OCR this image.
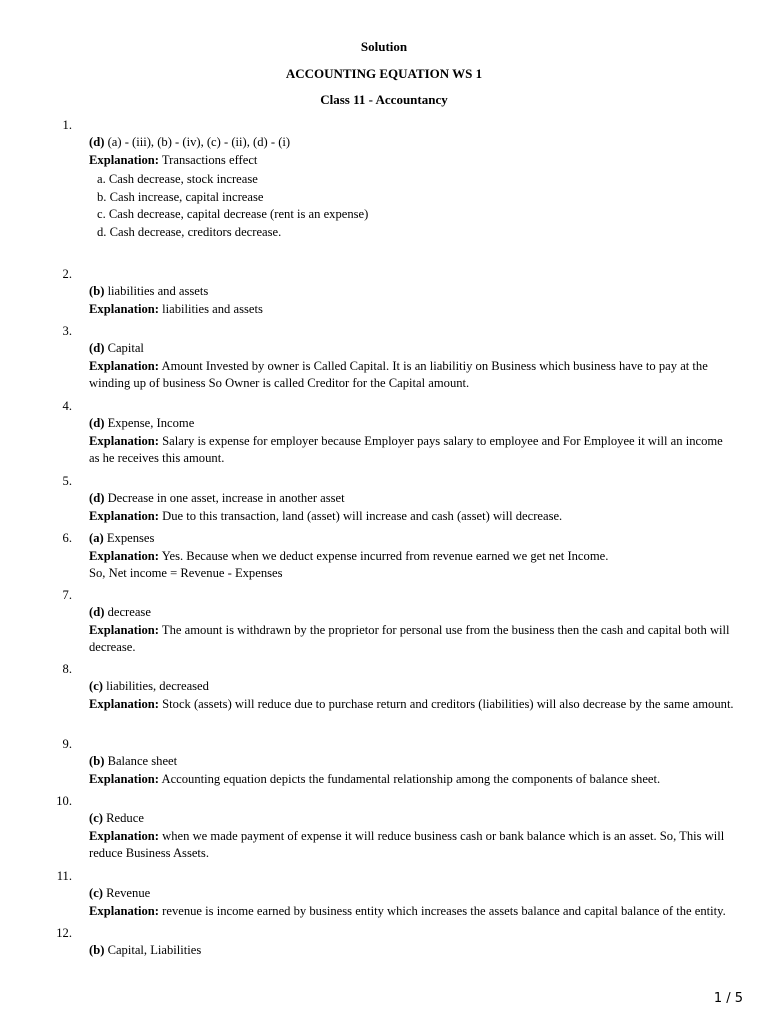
Solution
ACCOUNTING EQUATION WS 1
Class 11 - Accountancy
1.
(d) (a) - (iii), (b) - (iv), (c) - (ii), (d) - (i)
Explanation: Transactions effect
a. Cash decrease, stock increase
b. Cash increase, capital increase
c. Cash decrease, capital decrease (rent is an expense)
d. Cash decrease, creditors decrease.
2.
(b) liabilities and assets
Explanation: liabilities and assets
3.
(d) Capital
Explanation: Amount Invested by owner is Called Capital. It is an liabilitiy on Business which business have to pay at the winding up of business So Owner is called Creditor for the Capital amount.
4.
(d) Expense, Income
Explanation: Salary is expense for employer because Employer pays salary to employee and For Employee it will an income as he receives this amount.
5.
(d) Decrease in one asset, increase in another asset
Explanation: Due to this transaction, land (asset) will increase and cash (asset) will decrease.
6. (a) Expenses
Explanation: Yes. Because when we deduct expense incurred from revenue earned we get net Income.
So, Net income = Revenue - Expenses
7.
(d) decrease
Explanation: The amount is withdrawn by the proprietor for personal use from the business then the cash and capital both will decrease.
8.
(c) liabilities, decreased
Explanation: Stock (assets) will reduce due to purchase return and creditors (liabilities) will also decrease by the same amount.
9.
(b) Balance sheet
Explanation: Accounting equation depicts the fundamental relationship among the components of balance sheet.
10.
(c) Reduce
Explanation: when we made payment of expense it will reduce business cash or bank balance which is an asset. So, This will reduce Business Assets.
11.
(c) Revenue
Explanation: revenue is income earned by business entity which increases the assets balance and capital balance of the entity.
12.
(b) Capital, Liabilities
1 / 5
